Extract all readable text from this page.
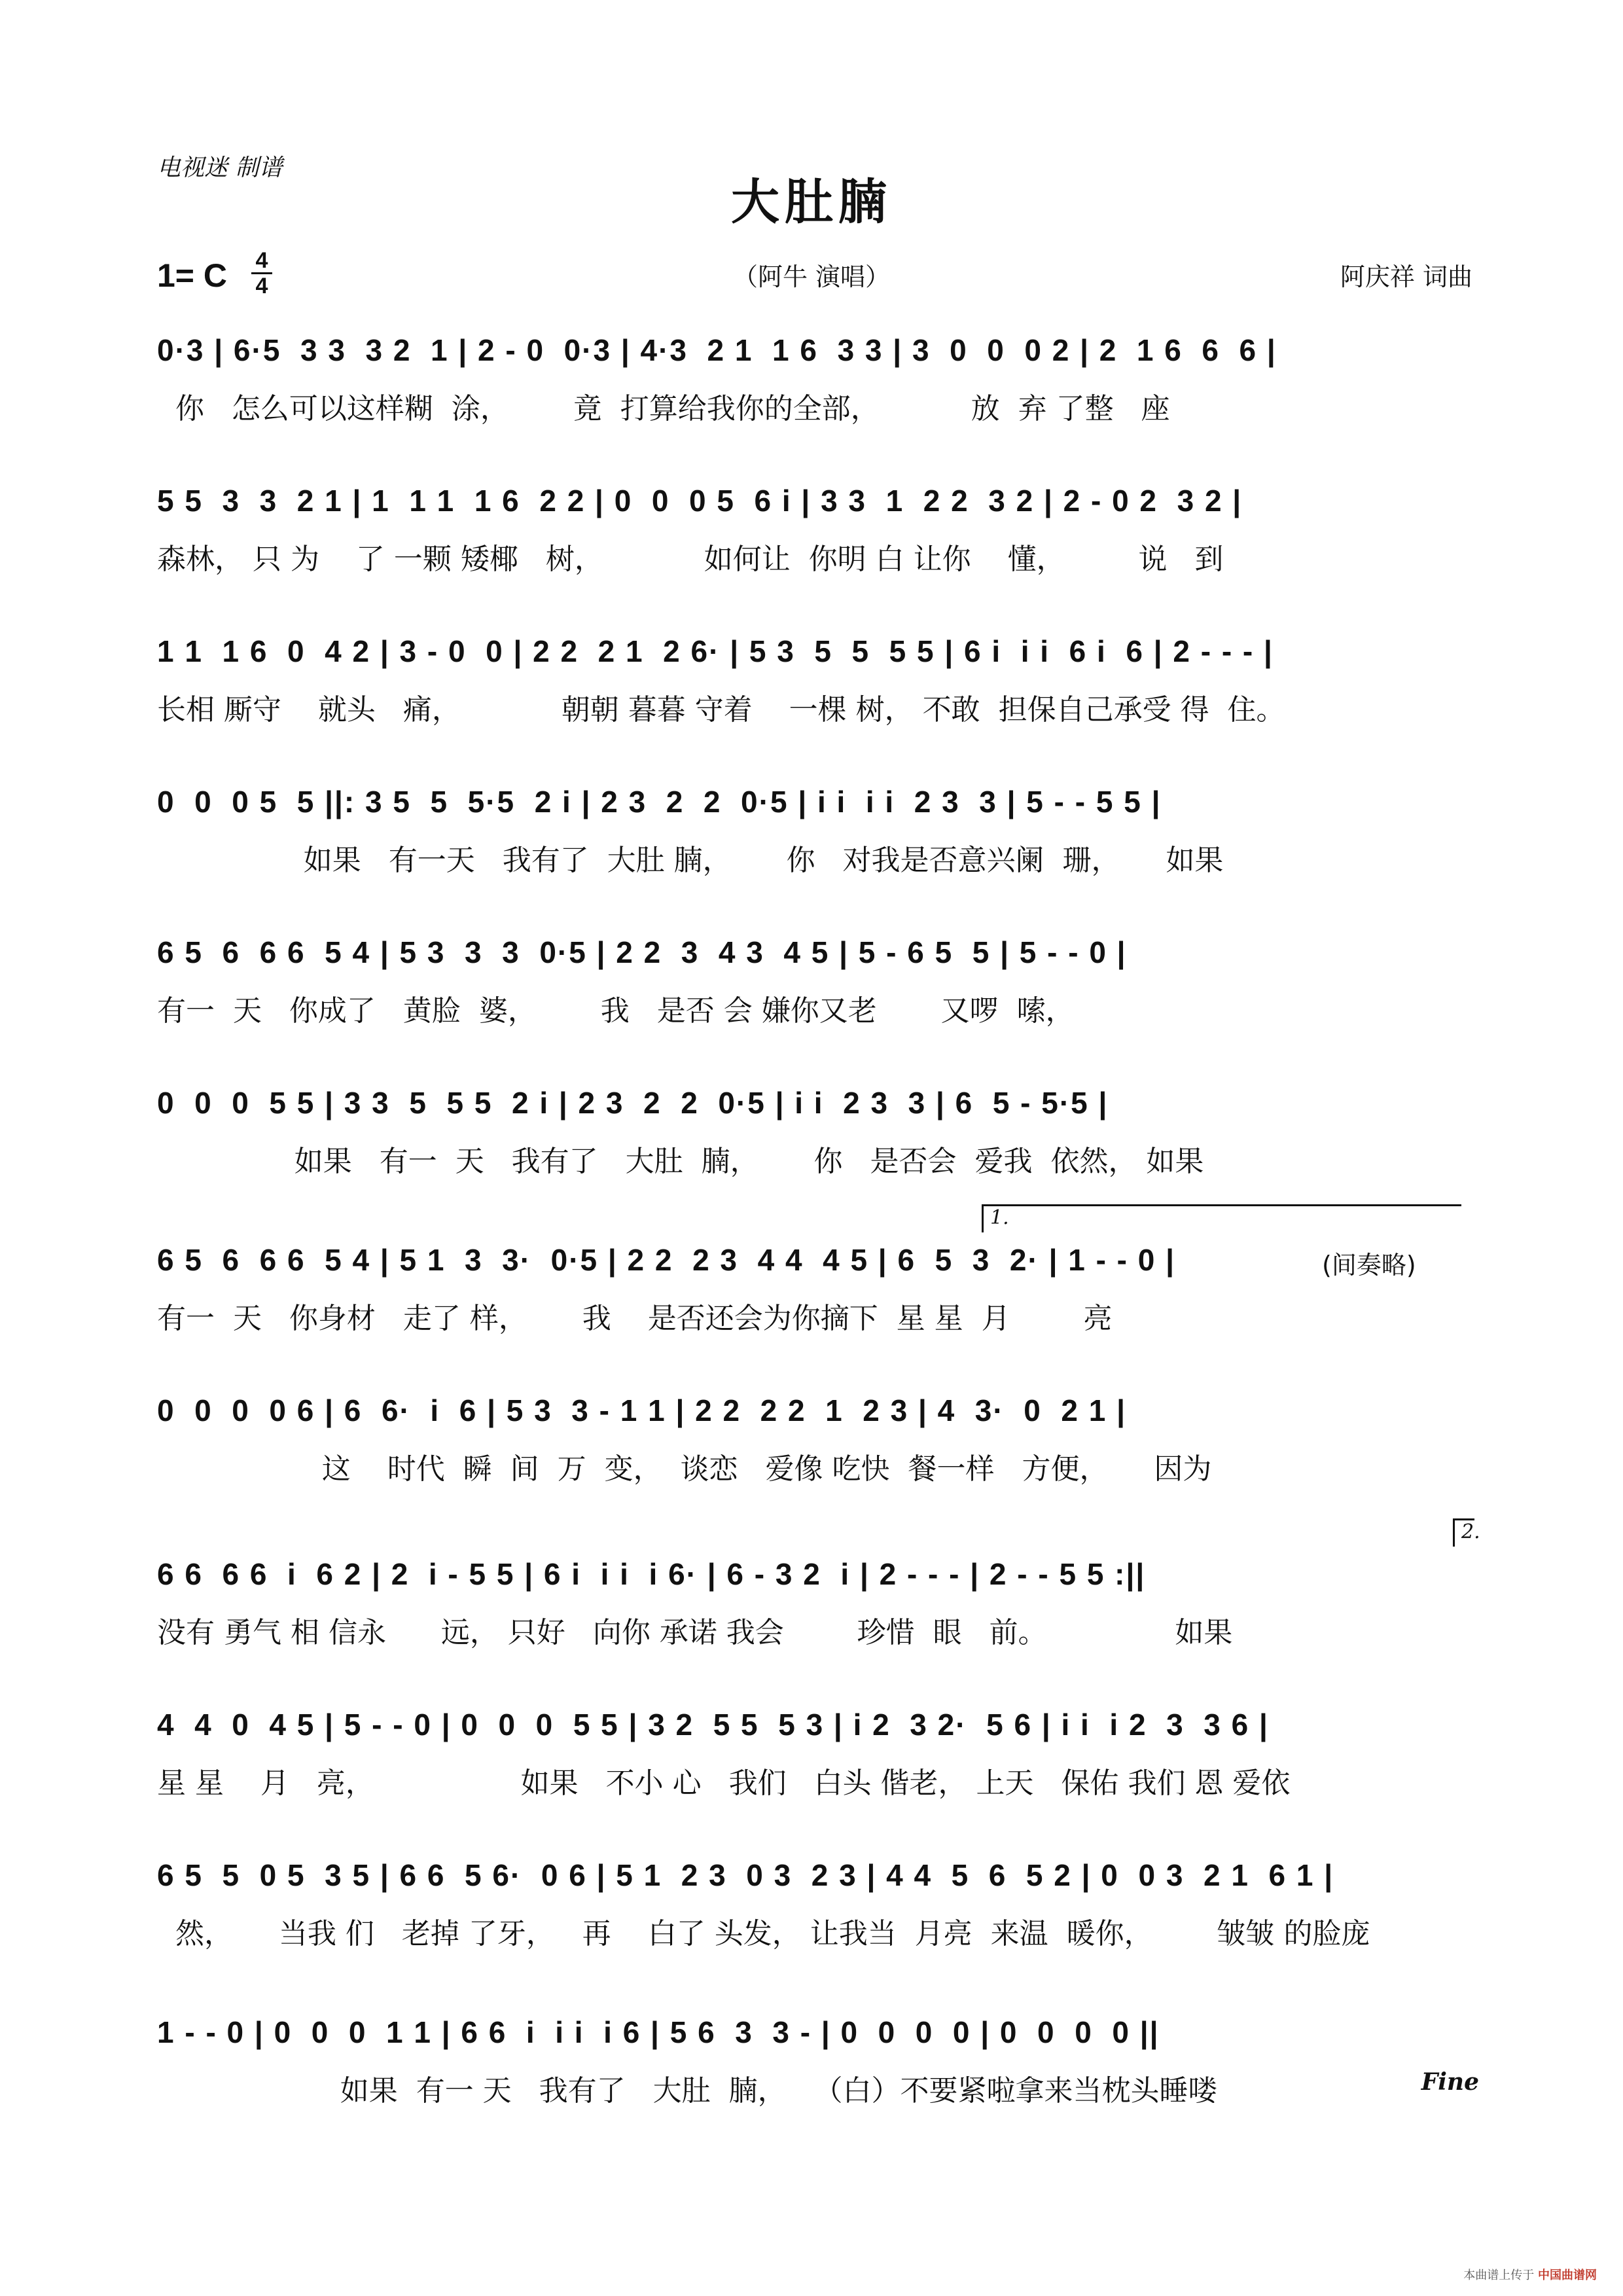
电视迷 制谱
大肚腩
1= C	4
4	（阿牛 演唱）	阿庆祥 词曲
0·3 | 6·5  3 3  3 2  1 | 2 - 0  0·3 | 4·3  2 1  1 6  3 3 | 3  0  0  0 2 | 2  1 6  6  6 |
你   怎么可以这样糊  涂，       竟  打算给我你的全部，          放  弃 了整   座
5 5  3  3  2 1 | 1  1 1  1 6  2 2 | 0  0  0 5  6 i | 3 3  1  2 2  3 2 | 2 - 0 2  3 2 |
森林， 只 为    了 一颗 矮椰   树，           如何让  你明 白 让你    懂，        说   到
1 1  1 6  0  4 2 | 3 - 0  0 | 2 2  2 1  2 6· | 5 3  5  5  5 5 | 6 i  i i  6 i  6 | 2 - - - |
长相 厮守    就头   痛，           朝朝 暮暮 守着    一棵 树， 不敢  担保自己承受 得  住。
0  0  0 5  5 ||: 3 5  5  5·5  2 i | 2 3  2  2  0·5 | i i  i i  2 3  3 | 5 - - 5 5 |
如果   有一天   我有了  大肚 腩，      你   对我是否意兴阑  珊，     如果
6 5  6  6 6  5 4 | 5 3  3  3  0·5 | 2 2  3  4 3  4 5 | 5 - 6 5  5 | 5 - - 0 |
有一  天   你成了   黄脸  婆，       我   是否 会 嫌你又老       又啰  嗦，
0  0  0  5 5 | 3 3  5  5 5  2 i | 2 3  2  2  0·5 | i i  2 3  3 | 6  5 - 5·5 |
如果   有一  天   我有了   大肚  腩，      你   是否会  爱我  依然， 如果
1.
6 5  6  6 6  5 4 | 5 1  3  3·  0·5 | 2 2  2 3  4 4  4 5 | 6  5  3  2· | 1 - - 0 |
有一  天   你身材   走了 样，      我    是否还会为你摘下  星 星  月        亮
(间奏略)
0  0  0  0 6 | 6  6·  i  6 | 5 3  3 - 1 1 | 2 2  2 2  1  2 3 | 4  3·  0  2 1 |
这    时代  瞬  间  万  变，  谈恋   爱像 吃快  餐一样   方便，     因为
2.
6 6  6 6  i  6 2 | 2  i - 5 5 | 6 i  i i  i 6· | 6 - 3 2  i | 2 - - - | 2 - - 5 5 :||
没有 勇气 相 信永      远， 只好   向你 承诺 我会        珍惜  眼   前。              如果
4  4  0  4 5 | 5 - - 0 | 0  0  0  5 5 | 3 2  5 5  5 3 | i 2  3 2·  5 6 | i i  i 2  3  3 6 |
星 星    月   亮，                如果   不小 心   我们   白头 偕老， 上天   保佑 我们 恩 爱依
6 5  5  0 5  3 5 | 6 6  5 6·  0 6 | 5 1  2 3  0 3  2 3 | 4 4  5  6  5 2 | 0  0 3  2 1  6 1 |
然，     当我 们   老掉 了牙，   再    白了 头发， 让我当  月亮  来温  暖你，       皱皱 的脸庞
1 - - 0 | 0  0  0  1 1 | 6 6  i  i i  i 6 | 5 6  3  3 - | 0  0  0  0 | 0  0  0  0 ||
如果  有一 天   我有了   大肚  腩，   （白）不要紧啦拿来当枕头睡喽	Fine
本曲谱上传于 中国曲谱网
